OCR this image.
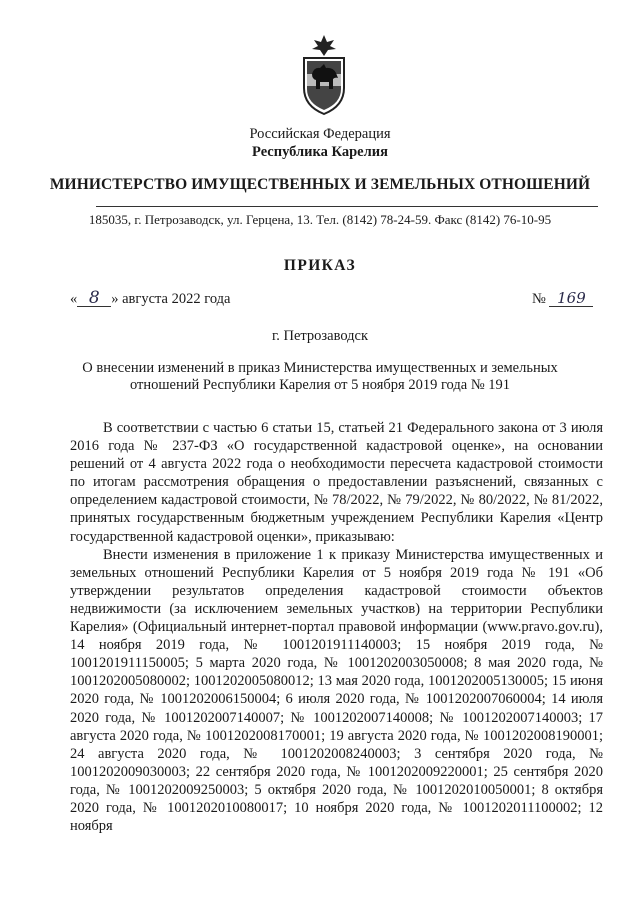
Российская Федерация
Республика Карелия
МИНИСТЕРСТВО ИМУЩЕСТВЕННЫХ И ЗЕМЕЛЬНЫХ ОТНОШЕНИЙ
185035, г. Петрозаводск, ул. Герцена, 13. Тел. (8142) 78-24-59. Факс (8142) 76-10-95
ПРИКАЗ
« 8 » августа 2022 года	№ 169
г. Петрозаводск
О внесении изменений в приказ Министерства имущественных и земельных
отношений Республики Карелия от 5 ноября 2019 года № 191

В соответствии с частью 6 статьи 15, статьей 21 Федерального закона от 3 июля 2016 года № 237-ФЗ «О государственной кадастровой оценке», на основании решений от 4 августа 2022 года о необходимости пересчета кадастровой стоимости по итогам рассмотрения обращения о предоставлении разъяснений, связанных с определением кадастровой стоимости, № 78/2022, № 79/2022, № 80/2022, № 81/2022, принятых государственным бюджетным учреждением Республики Карелия «Центр государственной кадастровой оценки», приказываю:

Внести изменения в приложение 1 к приказу Министерства имущественных и земельных отношений Республики Карелия от 5 ноября 2019 года № 191 «Об утверждении результатов определения кадастровой стоимости объектов недвижимости (за исключением земельных участков) на территории Республики Карелия» (Официальный интернет-портал правовой информации (www.pravo.gov.ru), 14 ноября 2019 года, № 1001201911140003; 15 ноября 2019 года, № 1001201911150005; 5 марта 2020 года, № 1001202003050008; 8 мая 2020 года, № 1001202005080002; 1001202005080012; 13 мая 2020 года, 1001202005130005; 15 июня 2020 года, № 1001202006150004; 6 июля 2020 года, № 1001202007060004; 14 июля 2020 года, № 1001202007140007; № 1001202007140008; № 1001202007140003; 17 августа 2020 года, № 1001202008170001; 19 августа 2020 года, № 1001202008190001; 24 августа 2020 года, № 1001202008240003; 3 сентября 2020 года, № 1001202009030003; 22 сентября 2020 года, № 1001202009220001; 25 сентября 2020 года, № 1001202009250003; 5 октября 2020 года, № 1001202010050001; 8 октября 2020 года, № 1001202010080017; 10 ноября 2020 года, № 1001202011100002; 12 ноября
